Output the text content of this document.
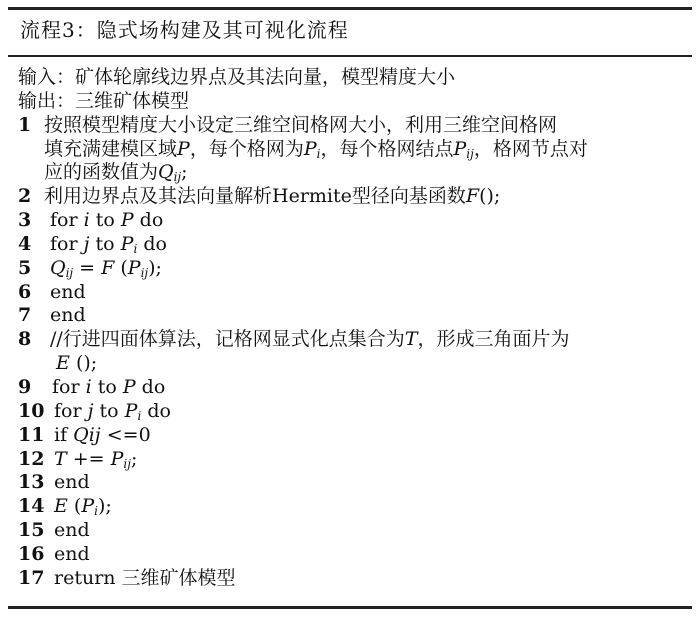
流程3：隐式场构建及其可视化流程
输入：矿体轮廓线边界点及其法向量，模型精度大小
输出：三维矿体模型
1 按照模型精度大小设定三维空间格网大小，利用三维空间格网
填充满建模区域P，每个格网为$P_i$，每个格网结点$P_{ij}$，格网节点对
应的函数值为$Q_{ij}$;
2 利用边界点及其法向量解析Hermite型径向基函数F();
3 for i to P do
4 for j to $P_i$ do
5 $Q_{ij} = F$ $(P_{ij})$;
6 end
7 end
8 //行进四面体算法，记格网显式化点集合为T，形成三角面片为
E ();
9	for i to P do
10 for j to $P_i$ do
11 if Qij <=0
12 $T += P_{ij}$;
13 end
14 E $(P_i)$;
15 end
16 end
17 return 三维矿体模型
